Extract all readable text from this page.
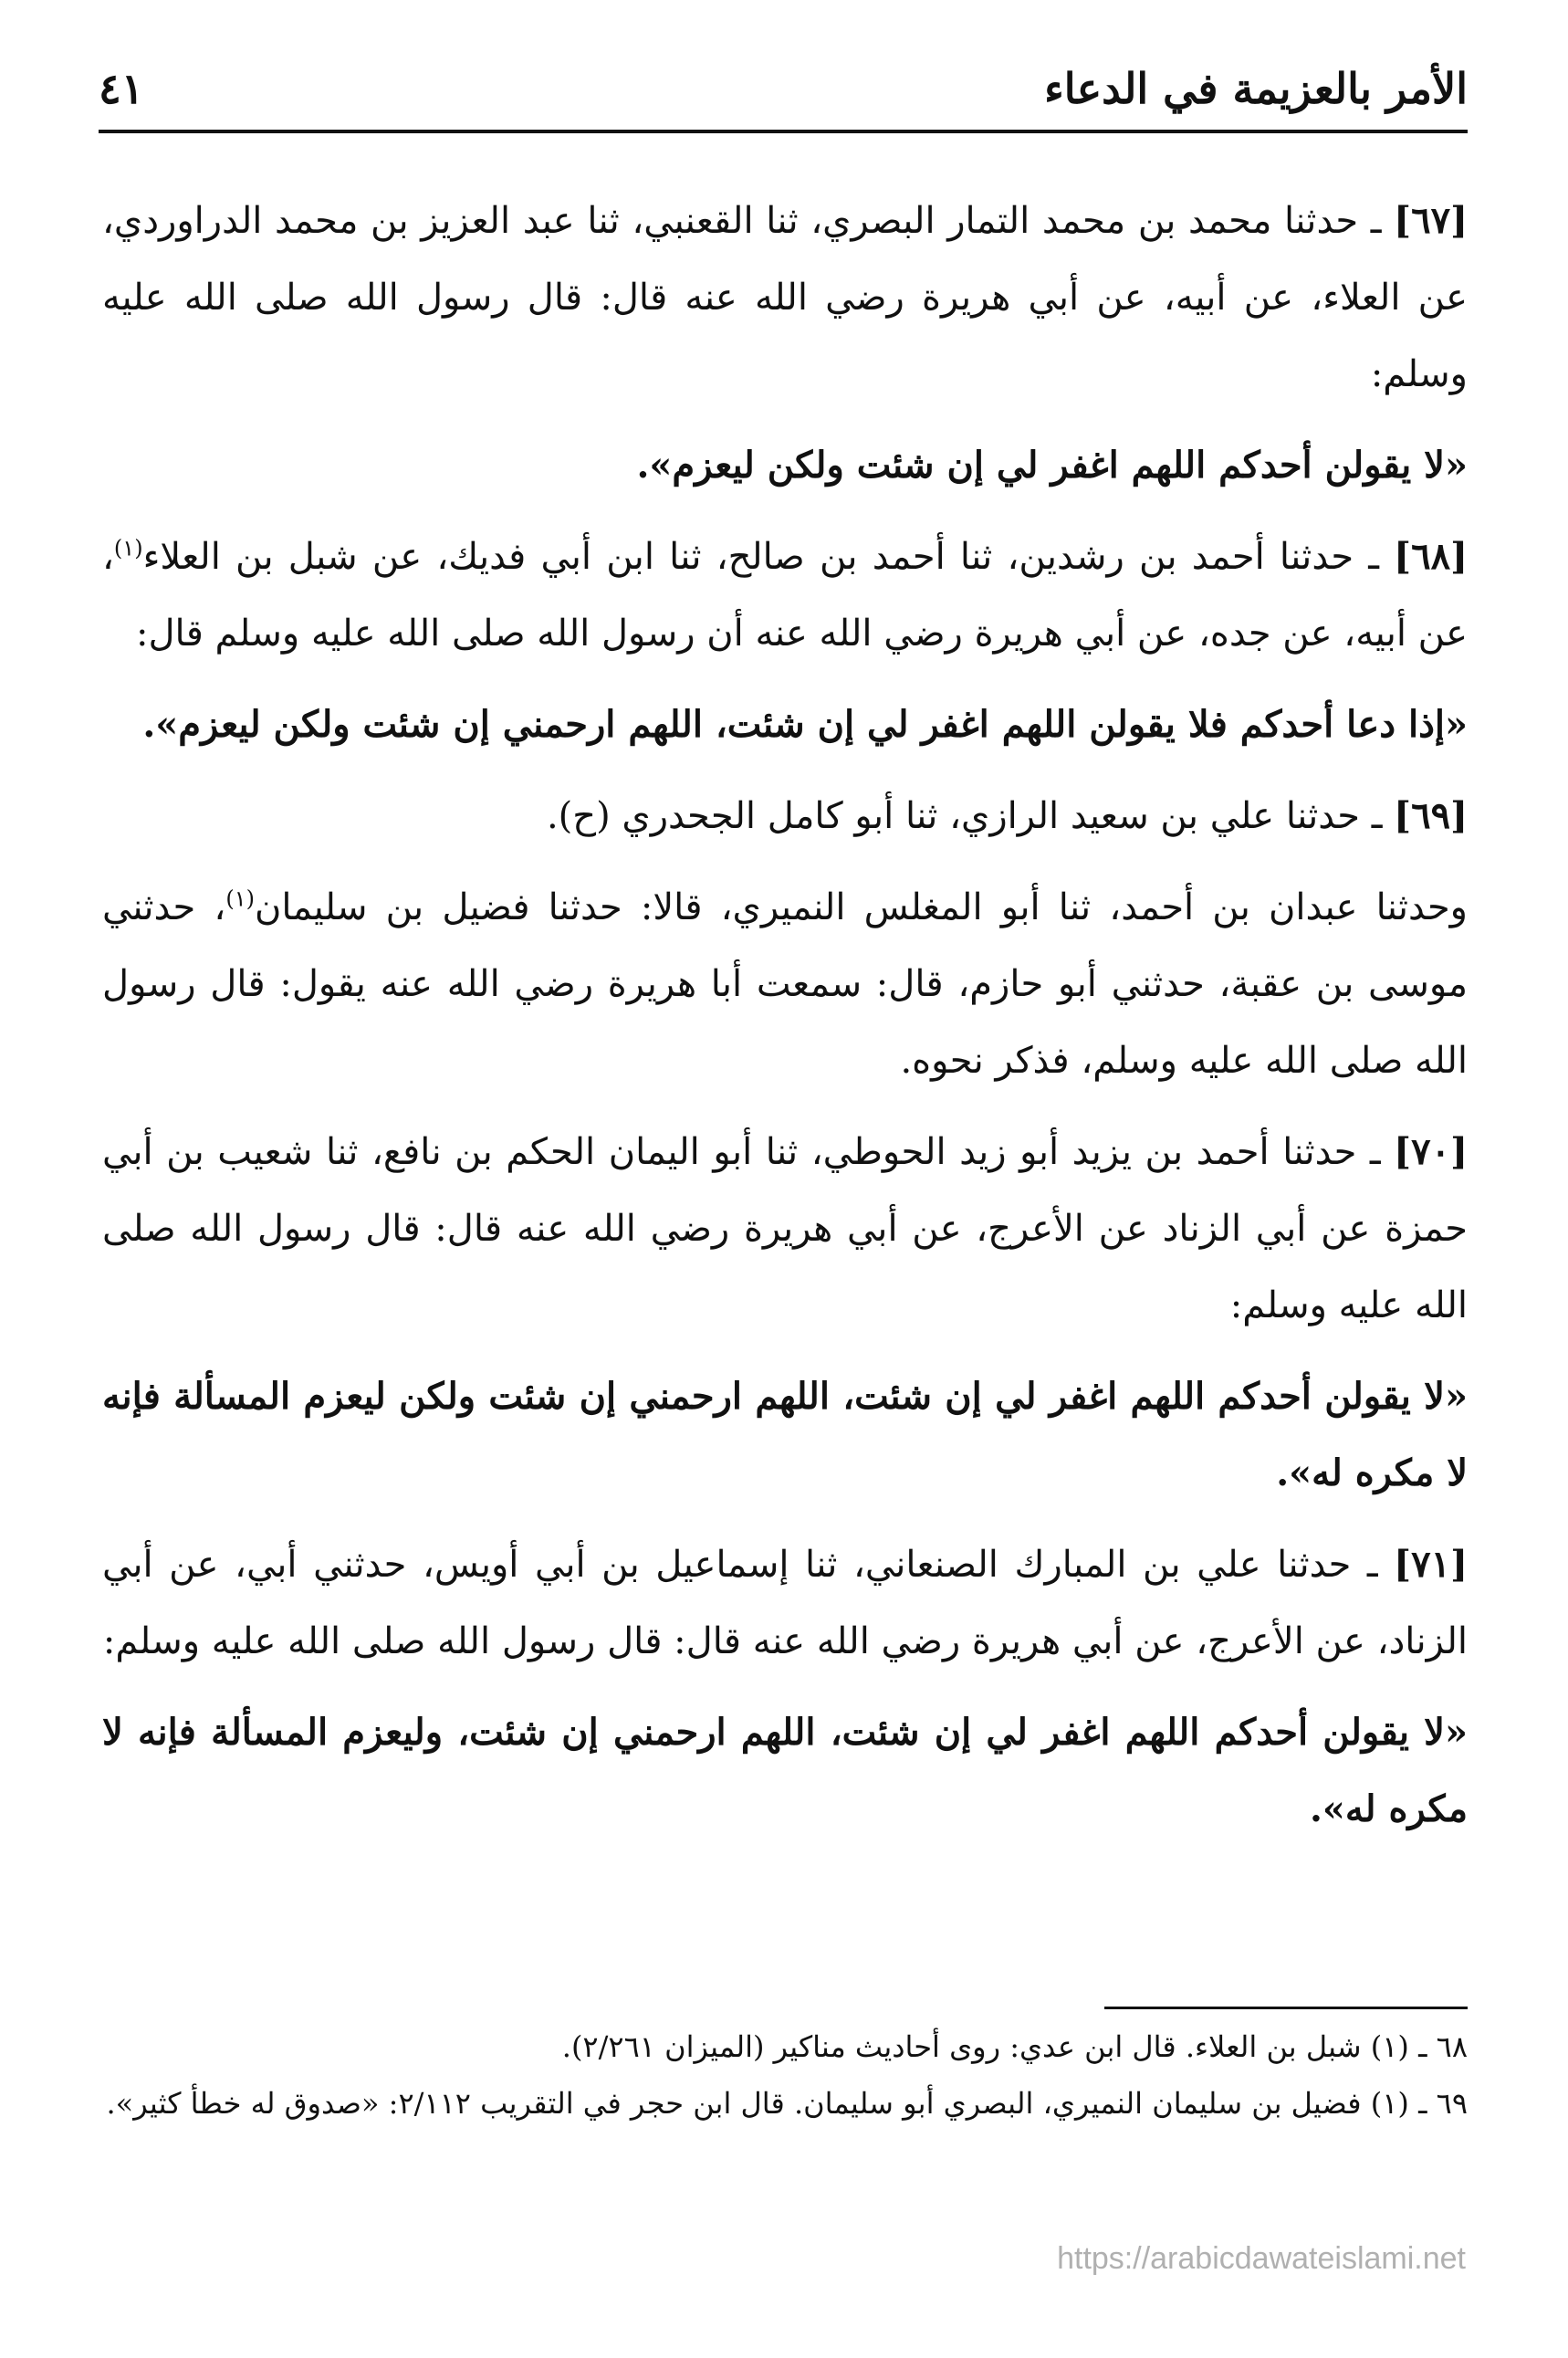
الأمر بالعزيمة في الدعاء
٤١

[٦٧] ـ حدثنا محمد بن محمد التمار البصري، ثنا القعنبي، ثنا عبد العزيز بن محمد الدراوردي، عن العلاء، عن أبيه، عن أبي هريرة رضي الله عنه قال: قال رسول الله صلى الله عليه وسلم:

«لا يقولن أحدكم اللهم اغفر لي إن شئت ولكن ليعزم».

[٦٨] ـ حدثنا أحمد بن رشدين، ثنا أحمد بن صالح، ثنا ابن أبي فديك، عن شبل بن العلاء$^{(١)}$، عن أبيه، عن جده، عن أبي هريرة رضي الله عنه أن رسول الله صلى الله عليه وسلم قال:

«إذا دعا أحدكم فلا يقولن اللهم اغفر لي إن شئت، اللهم ارحمني إن شئت ولكن ليعزم».

[٦٩] ـ حدثنا علي بن سعيد الرازي، ثنا أبو كامل الجحدري (ح).

وحدثنا عبدان بن أحمد، ثنا أبو المغلس النميري، قالا: حدثنا فضيل بن سليمان$^{(١)}$، حدثني موسى بن عقبة، حدثني أبو حازم، قال: سمعت أبا هريرة رضي الله عنه يقول: قال رسول الله صلى الله عليه وسلم، فذكر نحوه.

[٧٠] ـ حدثنا أحمد بن يزيد أبو زيد الحوطي، ثنا أبو اليمان الحكم بن نافع، ثنا شعيب بن أبي حمزة عن أبي الزناد عن الأعرج، عن أبي هريرة رضي الله عنه قال: قال رسول الله صلى الله عليه وسلم:

«لا يقولن أحدكم اللهم اغفر لي إن شئت، اللهم ارحمني إن شئت ولكن ليعزم المسألة فإنه لا مكره له».

[٧١] ـ حدثنا علي بن المبارك الصنعاني، ثنا إسماعيل بن أبي أويس، حدثني أبي، عن أبي الزناد، عن الأعرج، عن أبي هريرة رضي الله عنه قال: قال رسول الله صلى الله عليه وسلم:

«لا يقولن أحدكم اللهم اغفر لي إن شئت، اللهم ارحمني إن شئت، وليعزم المسألة فإنه لا مكره له».

٦٨ ـ (١) شبل بن العلاء. قال ابن عدي: روى أحاديث مناكير (الميزان ٢/٢٦١).

٦٩ ـ (١) فضيل بن سليمان النميري، البصري أبو سليمان. قال ابن حجر في التقريب ٢/١١٢: «صدوق له خطأ كثير».

https://arabicdawateislami.net
